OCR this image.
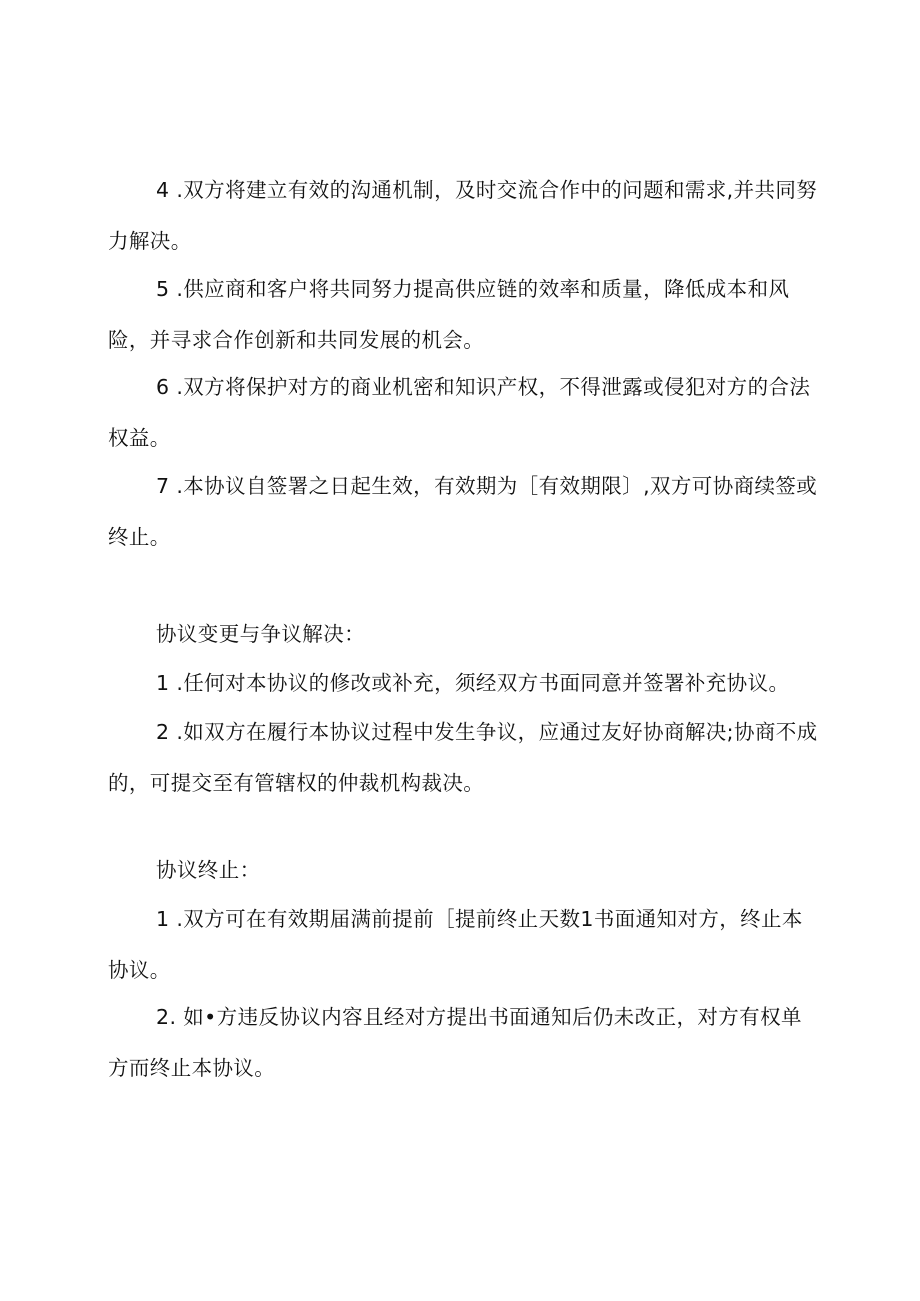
4 .双方将建立有效的沟通机制，及时交流合作中的问题和需求,并共同努力解决。

5 .供应商和客户将共同努力提高供应链的效率和质量，降低成本和风险，并寻求合作创新和共同发展的机会。

6 .双方将保护对方的商业机密和知识产权，不得泄露或侵犯对方的合法权益。

7 .本协议自签署之日起生效，有效期为［有效期限〕,双方可协商续签或终止。

协议变更与争议解决：

1 .任何对本协议的修改或补充，须经双方书面同意并签署补充协议。

2 .如双方在履行本协议过程中发生争议，应通过友好协商解决;协商不成的，可提交至有管辖权的仲裁机构裁决。

协议终止：

1 .双方可在有效期届满前提前［提前终止天数1书面通知对方，终止本协议。

2. 如•方违反协议内容且经对方提出书面通知后仍未改正，对方有权单方而终止本协议。
